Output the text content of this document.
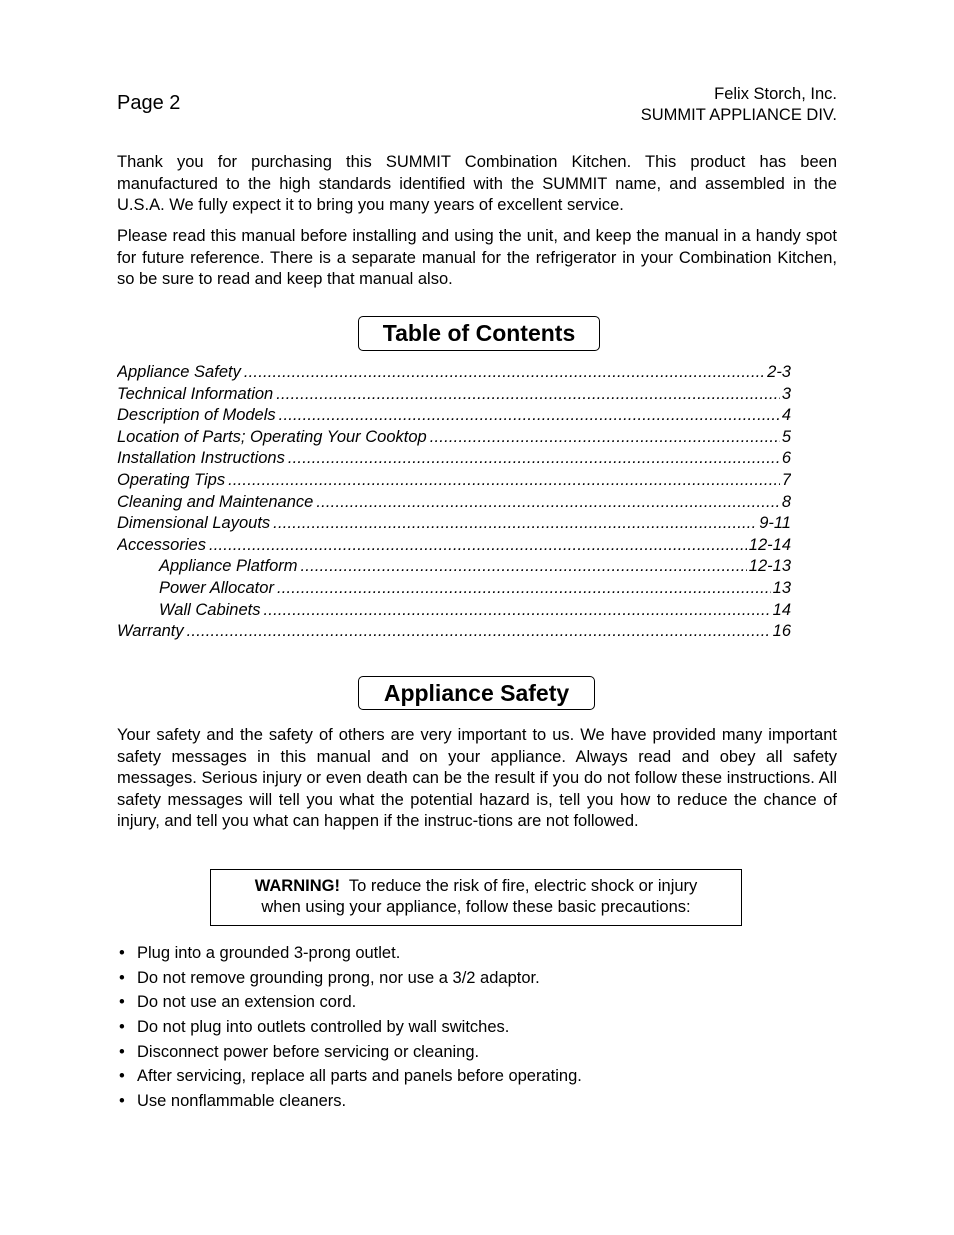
Page 2	Felix Storch, Inc.
SUMMIT APPLIANCE DIV.

Thank you for purchasing this SUMMIT Combination Kitchen. This product has been manufactured to the high standards identified with the SUMMIT name, and assembled in the U.S.A. We fully expect it to bring you many years of excellent service.

Please read this manual before installing and using the unit, and keep the manual in a handy spot for future reference. There is a separate manual for the refrigerator in your Combination Kitchen, so be sure to read and keep that manual also.

Table of Contents
Appliance Safety .....	2-3
Technical Information .....	3
Description of Models .....	4
Location of Parts; Operating Your Cooktop .....	5
Installation Instructions .....	6
Operating Tips .....	7
Cleaning and Maintenance .....	8
Dimensional Layouts .....	9-11
Accessories .....	12-14
Appliance Platform .....	12-13
Power Allocator .....	13
Wall Cabinets .....	14
Warranty .....	16
Appliance Safety

Your safety and the safety of others are very important to us. We have provided many important safety messages in this manual and on your appliance. Always read and obey all safety messages. Serious injury or even death can be the result if you do not follow these instructions. All safety messages will tell you what the potential hazard is, tell you how to reduce the chance of injury, and tell you what can happen if the instruc-tions are not followed.

WARNING! To reduce the risk of fire, electric shock or injury
when using your appliance, follow these basic precautions:
• Plug into a grounded 3-prong outlet.
• Do not remove grounding prong, nor use a 3/2 adaptor.
• Do not use an extension cord.
• Do not plug into outlets controlled by wall switches.
• Disconnect power before servicing or cleaning.
• After servicing, replace all parts and panels before operating.
• Use nonflammable cleaners.
